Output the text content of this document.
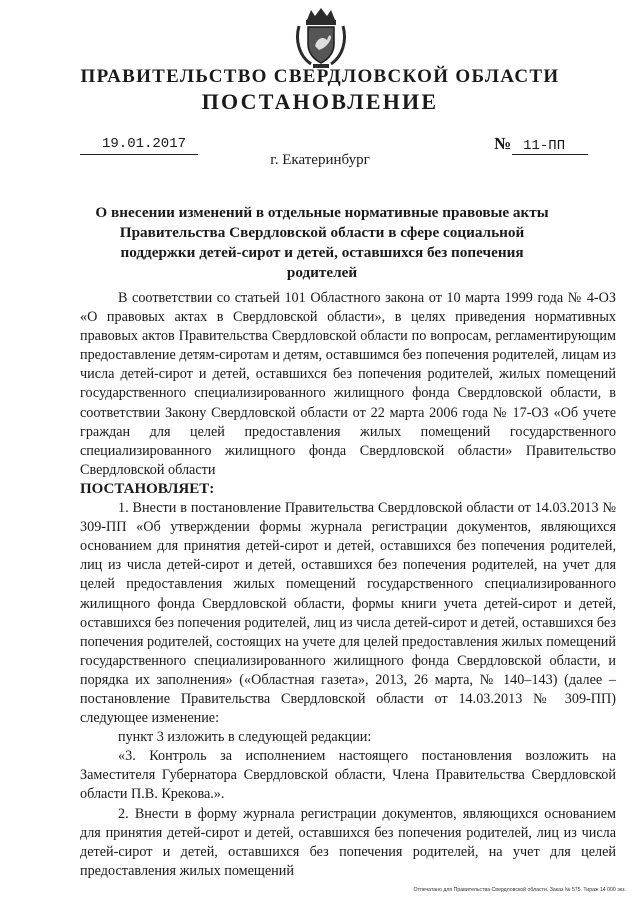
ПРАВИТЕЛЬСТВО СВЕРДЛОВСКОЙ ОБЛАСТИ
ПОСТАНОВЛЕНИЕ
19.01.2017	№ 11-ПП
г. Екатеринбург
О внесении изменений в отдельные нормативные правовые акты Правительства Свердловской области в сфере социальной поддержки детей-сирот и детей, оставшихся без попечения родителей

В соответствии со статьей 101 Областного закона от 10 марта 1999 года № 4-ОЗ «О правовых актах в Свердловской области», в целях приведения нормативных правовых актов Правительства Свердловской области по вопросам, регламентирующим предоставление детям-сиротам и детям, оставшимся без попечения родителей, лицам из числа детей-сирот и детей, оставшихся без попечения родителей, жилых помещений государственного специализированного жилищного фонда Свердловской области, в соответствии Закону Свердловской области от 22 марта 2006 года № 17-ОЗ «Об учете граждан для целей предоставления жилых помещений государственного специализированного жилищного фонда Свердловской области» Правительство Свердловской области

ПОСТАНОВЛЯЕТ:

1. Внести в постановление Правительства Свердловской области от 14.03.2013 № 309-ПП «Об утверждении формы журнала регистрации документов, являющихся основанием для принятия детей-сирот и детей, оставшихся без попечения родителей, лиц из числа детей-сирот и детей, оставшихся без попечения родителей, на учет для целей предоставления жилых помещений государственного специализированного жилищного фонда Свердловской области, формы книги учета детей-сирот и детей, оставшихся без попечения родителей, лиц из числа детей-сирот и детей, оставшихся без попечения родителей, состоящих на учете для целей предоставления жилых помещений государственного специализированного жилищного фонда Свердловской области, и порядка их заполнения» («Областная газета», 2013, 26 марта, № 140–143) (далее – постановление Правительства Свердловской области от 14.03.2013 № 309-ПП) следующее изменение:

пункт 3 изложить в следующей редакции:

«3. Контроль за исполнением настоящего постановления возложить на Заместителя Губернатора Свердловской области, Члена Правительства Свердловской области П.В. Крекова.».

2. Внести в форму журнала регистрации документов, являющихся основанием для принятия детей-сирот и детей, оставшихся без попечения родителей, лиц из числа детей-сирот и детей, оставшихся без попечения родителей, на учет для целей предоставления жилых помещений

Отпечатано для Правительства Свердловской области. Заказ № 575. Тираж 14 000 экз.
